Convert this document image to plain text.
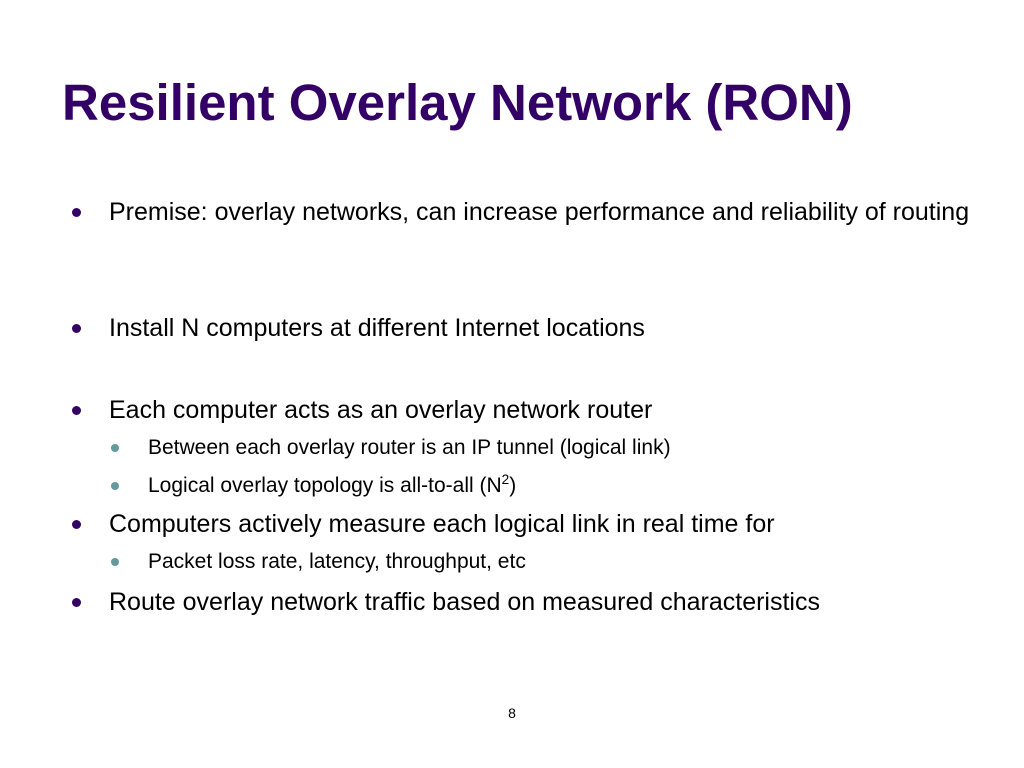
Resilient Overlay Network (RON)
Premise: overlay networks, can increase performance and reliability of routing
Install N computers at different Internet locations
Each computer acts as an overlay network router
Between each overlay router is an IP tunnel (logical link)
Logical overlay topology is all-to-all $(N^2)$
Computers actively measure each logical link in real time for
Packet loss rate, latency, throughput, etc
Route overlay network traffic based on measured characteristics
8
